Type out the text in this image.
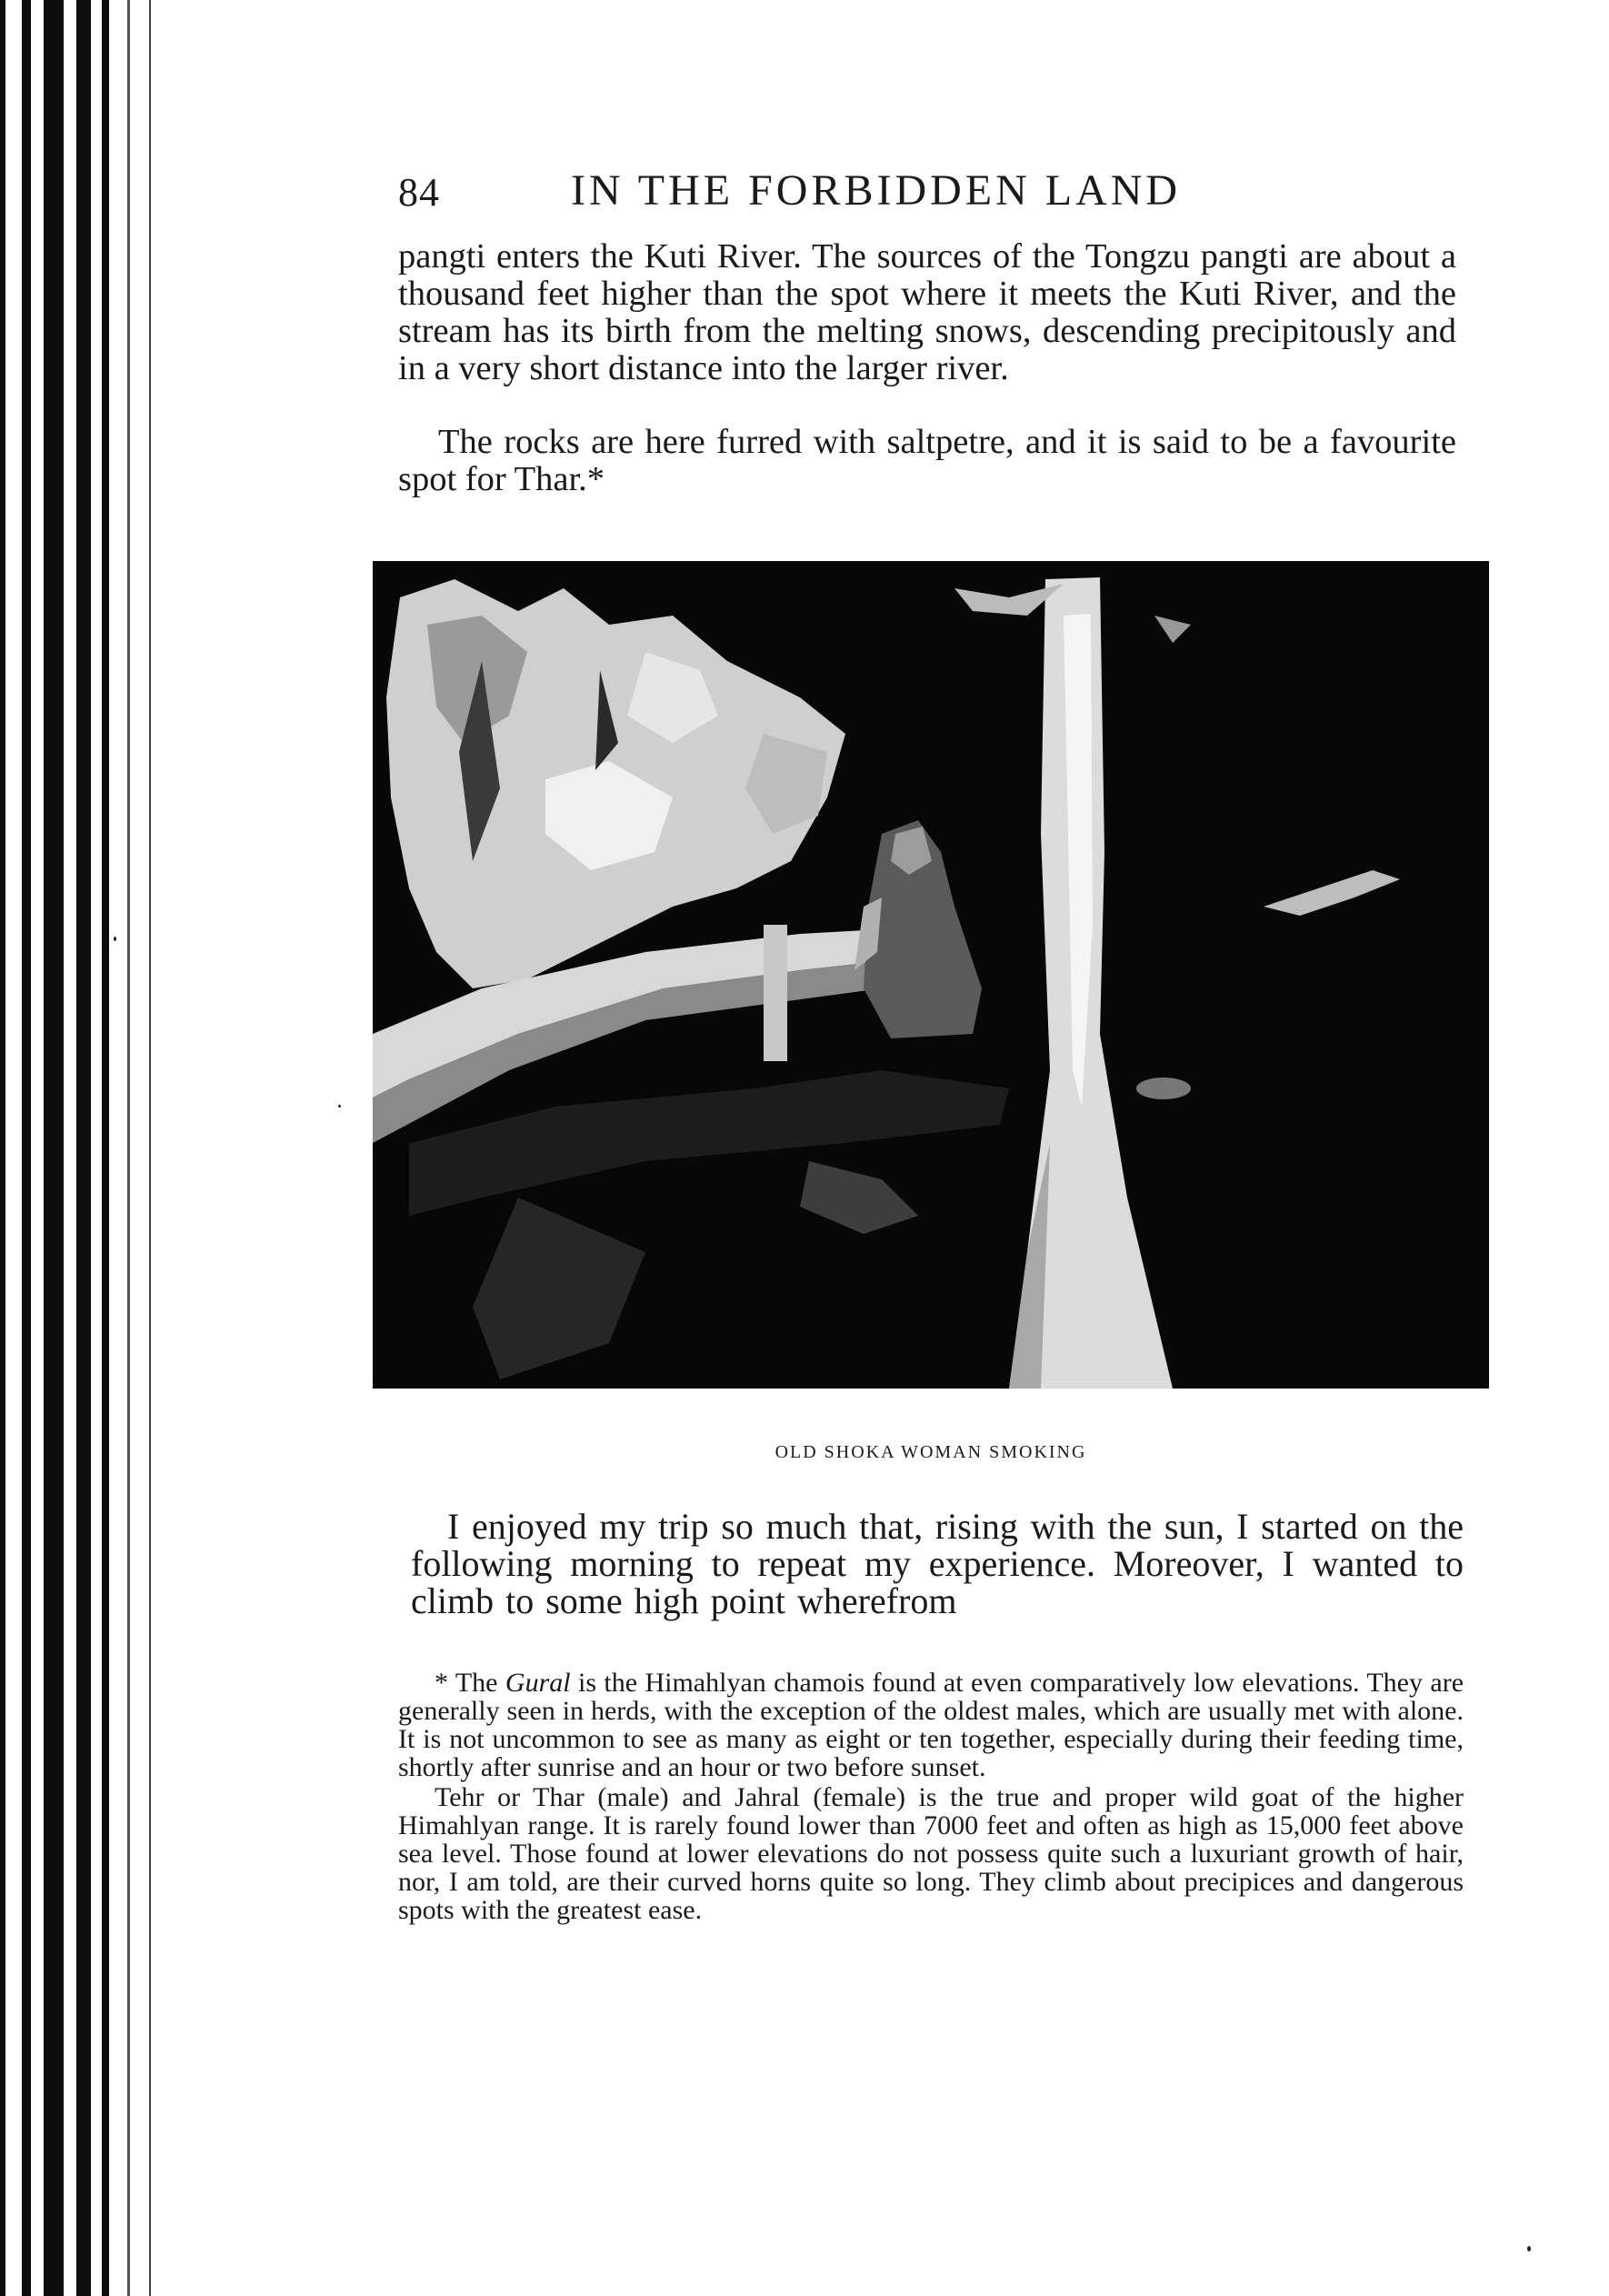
84	IN THE FORBIDDEN LAND

pangti enters the Kuti River. The sources of the Tongzu pangti are about a thousand feet higher than the spot where it meets the Kuti River, and the stream has its birth from the melting snows, descending precipitously and in a very short distance into the larger river.

The rocks are here furred with saltpetre, and it is said to be a favourite spot for Thar.*

OLD SHOKA WOMAN SMOKING

I enjoyed my trip so much that, rising with the sun, I started on the following morning to repeat my experience. Moreover, I wanted to climb to some high point wherefrom

* The Gural is the Himahlyan chamois found at even comparatively low elevations. They are generally seen in herds, with the exception of the oldest males, which are usually met with alone. It is not uncommon to see as many as eight or ten together, especially during their feeding time, shortly after sunrise and an hour or two before sunset.

Tehr or Thar (male) and Jahral (female) is the true and proper wild goat of the higher Himahlyan range. It is rarely found lower than 7000 feet and often as high as 15,000 feet above sea level. Those found at lower elevations do not possess quite such a luxuriant growth of hair, nor, I am told, are their curved horns quite so long. They climb about precipices and dangerous spots with the greatest ease.
